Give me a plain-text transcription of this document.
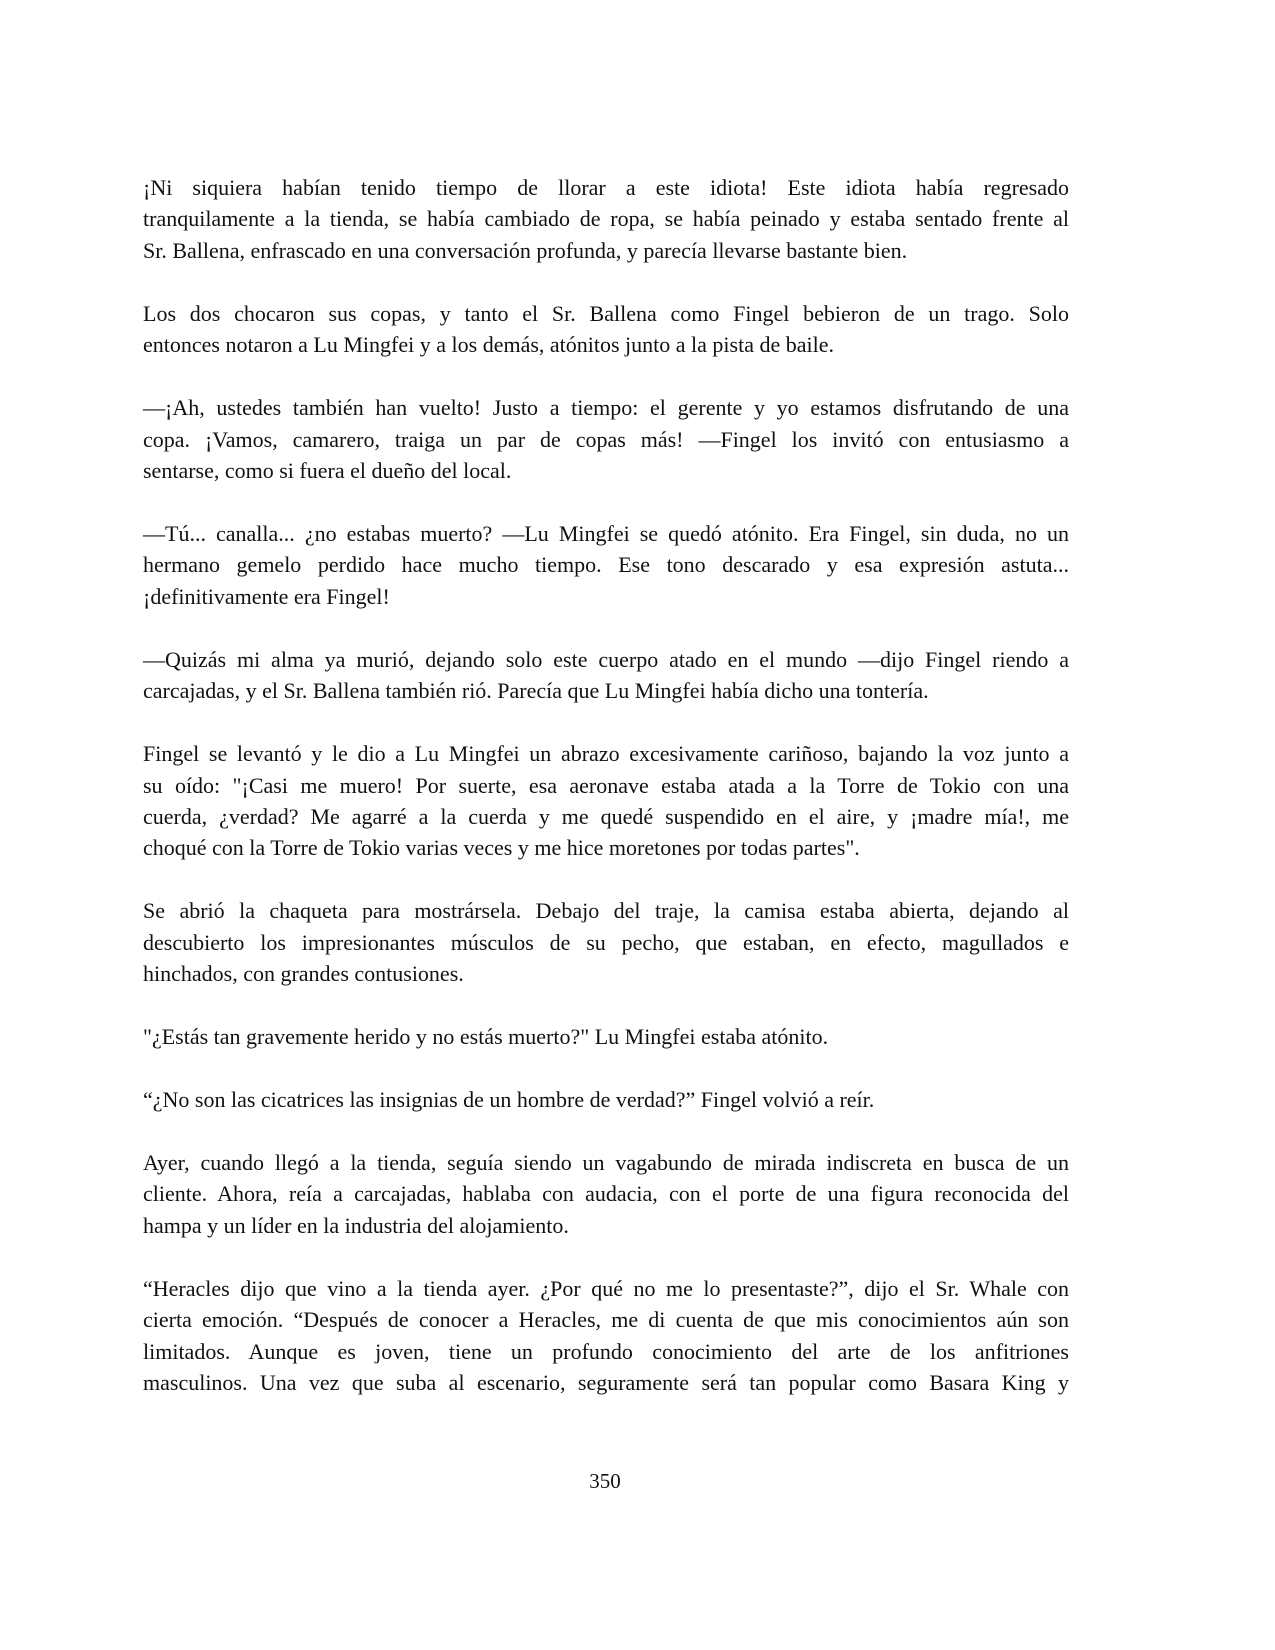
¡Ni siquiera habían tenido tiempo de llorar a este idiota! Este idiota había regresado
tranquilamente a la tienda, se había cambiado de ropa, se había peinado y estaba sentado frente al
Sr. Ballena, enfrascado en una conversación profunda, y parecía llevarse bastante bien.
Los dos chocaron sus copas, y tanto el Sr. Ballena como Fingel bebieron de un trago. Solo
entonces notaron a Lu Mingfei y a los demás, atónitos junto a la pista de baile.
—¡Ah, ustedes también han vuelto! Justo a tiempo: el gerente y yo estamos disfrutando de una
copa. ¡Vamos, camarero, traiga un par de copas más! —Fingel los invitó con entusiasmo a
sentarse, como si fuera el dueño del local.
—Tú... canalla... ¿no estabas muerto? —Lu Mingfei se quedó atónito. Era Fingel, sin duda, no un
hermano gemelo perdido hace mucho tiempo. Ese tono descarado y esa expresión astuta...
¡definitivamente era Fingel!
—Quizás mi alma ya murió, dejando solo este cuerpo atado en el mundo —dijo Fingel riendo a
carcajadas, y el Sr. Ballena también rió. Parecía que Lu Mingfei había dicho una tontería.
Fingel se levantó y le dio a Lu Mingfei un abrazo excesivamente cariñoso, bajando la voz junto a
su oído: "¡Casi me muero! Por suerte, esa aeronave estaba atada a la Torre de Tokio con una
cuerda, ¿verdad? Me agarré a la cuerda y me quedé suspendido en el aire, y ¡madre mía!, me
choqué con la Torre de Tokio varias veces y me hice moretones por todas partes".
Se abrió la chaqueta para mostrársela. Debajo del traje, la camisa estaba abierta, dejando al
descubierto los impresionantes músculos de su pecho, que estaban, en efecto, magullados e
hinchados, con grandes contusiones.
"¿Estás tan gravemente herido y no estás muerto?" Lu Mingfei estaba atónito.
“¿No son las cicatrices las insignias de un hombre de verdad?” Fingel volvió a reír.
Ayer, cuando llegó a la tienda, seguía siendo un vagabundo de mirada indiscreta en busca de un
cliente. Ahora, reía a carcajadas, hablaba con audacia, con el porte de una figura reconocida del
hampa y un líder en la industria del alojamiento.
“Heracles dijo que vino a la tienda ayer. ¿Por qué no me lo presentaste?”, dijo el Sr. Whale con
cierta emoción. “Después de conocer a Heracles, me di cuenta de que mis conocimientos aún son
limitados. Aunque es joven, tiene un profundo conocimiento del arte de los anfitriones
masculinos. Una vez que suba al escenario, seguramente será tan popular como Basara King y
350
